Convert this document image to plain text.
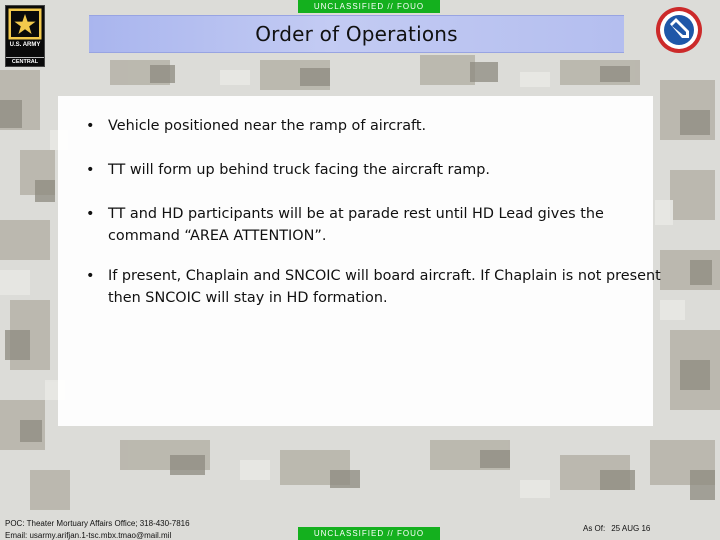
UNCLASSIFIED // FOUO
U.S. ARMY
CENTRAL
Order of Operations
• Vehicle positioned near the ramp of aircraft.
• TT will form up behind truck facing the aircraft ramp.
• TT and HD participants will be at parade rest until HD Lead gives the command “AREA ATTENTION”.
• If present, Chaplain and SNCOIC will board aircraft. If Chaplain is not present then SNCOIC will stay in HD formation.
POC: Theater Mortuary Affairs Office; 318-430-7816
Email: usarmy.arifjan.1-tsc.mbx.tmao@mail.mil	UNCLASSIFIED // FOUO
As Of: 25 AUG 16
